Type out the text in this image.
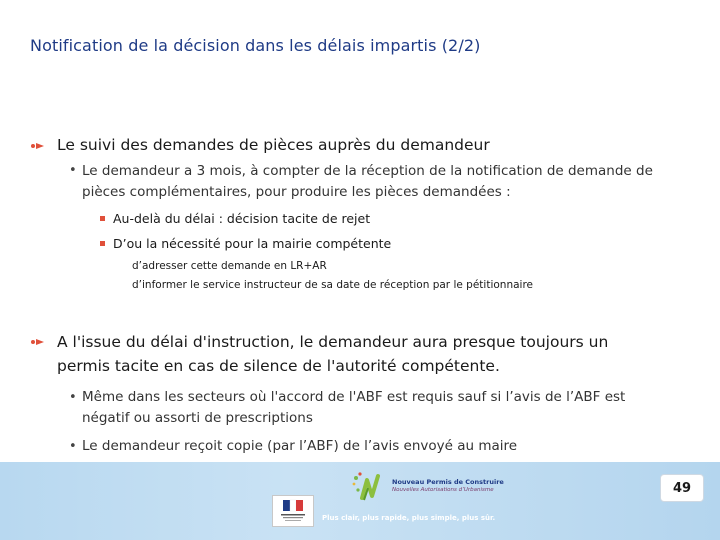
Notification de la décision dans les délais impartis (2/2)
Le suivi des demandes de pièces auprès du demandeur
• Le demandeur a 3 mois, à compter de la réception de la notification de demande de
pièces complémentaires, pour produire les pièces demandées :
Au-delà du délai : décision tacite de rejet
D’ou la nécessité pour la mairie compétente
d’adresser cette demande en LR+AR
d’informer le service instructeur de sa date de réception par le pétitionnaire
A l'issue du délai d'instruction, le demandeur aura presque toujours un
permis tacite en cas de silence de l'autorité compétente.
• Même dans les secteurs où l'accord de l'ABF est requis sauf si l’avis de l’ABF est
négatif ou assorti de prescriptions
• Le demandeur reçoit copie (par l’ABF) de l’avis envoyé au maire
Nouveau Permis de Construire
Nouvelles Autorisations d’Urbanisme
Plus clair, plus rapide, plus simple, plus sûr.
49
